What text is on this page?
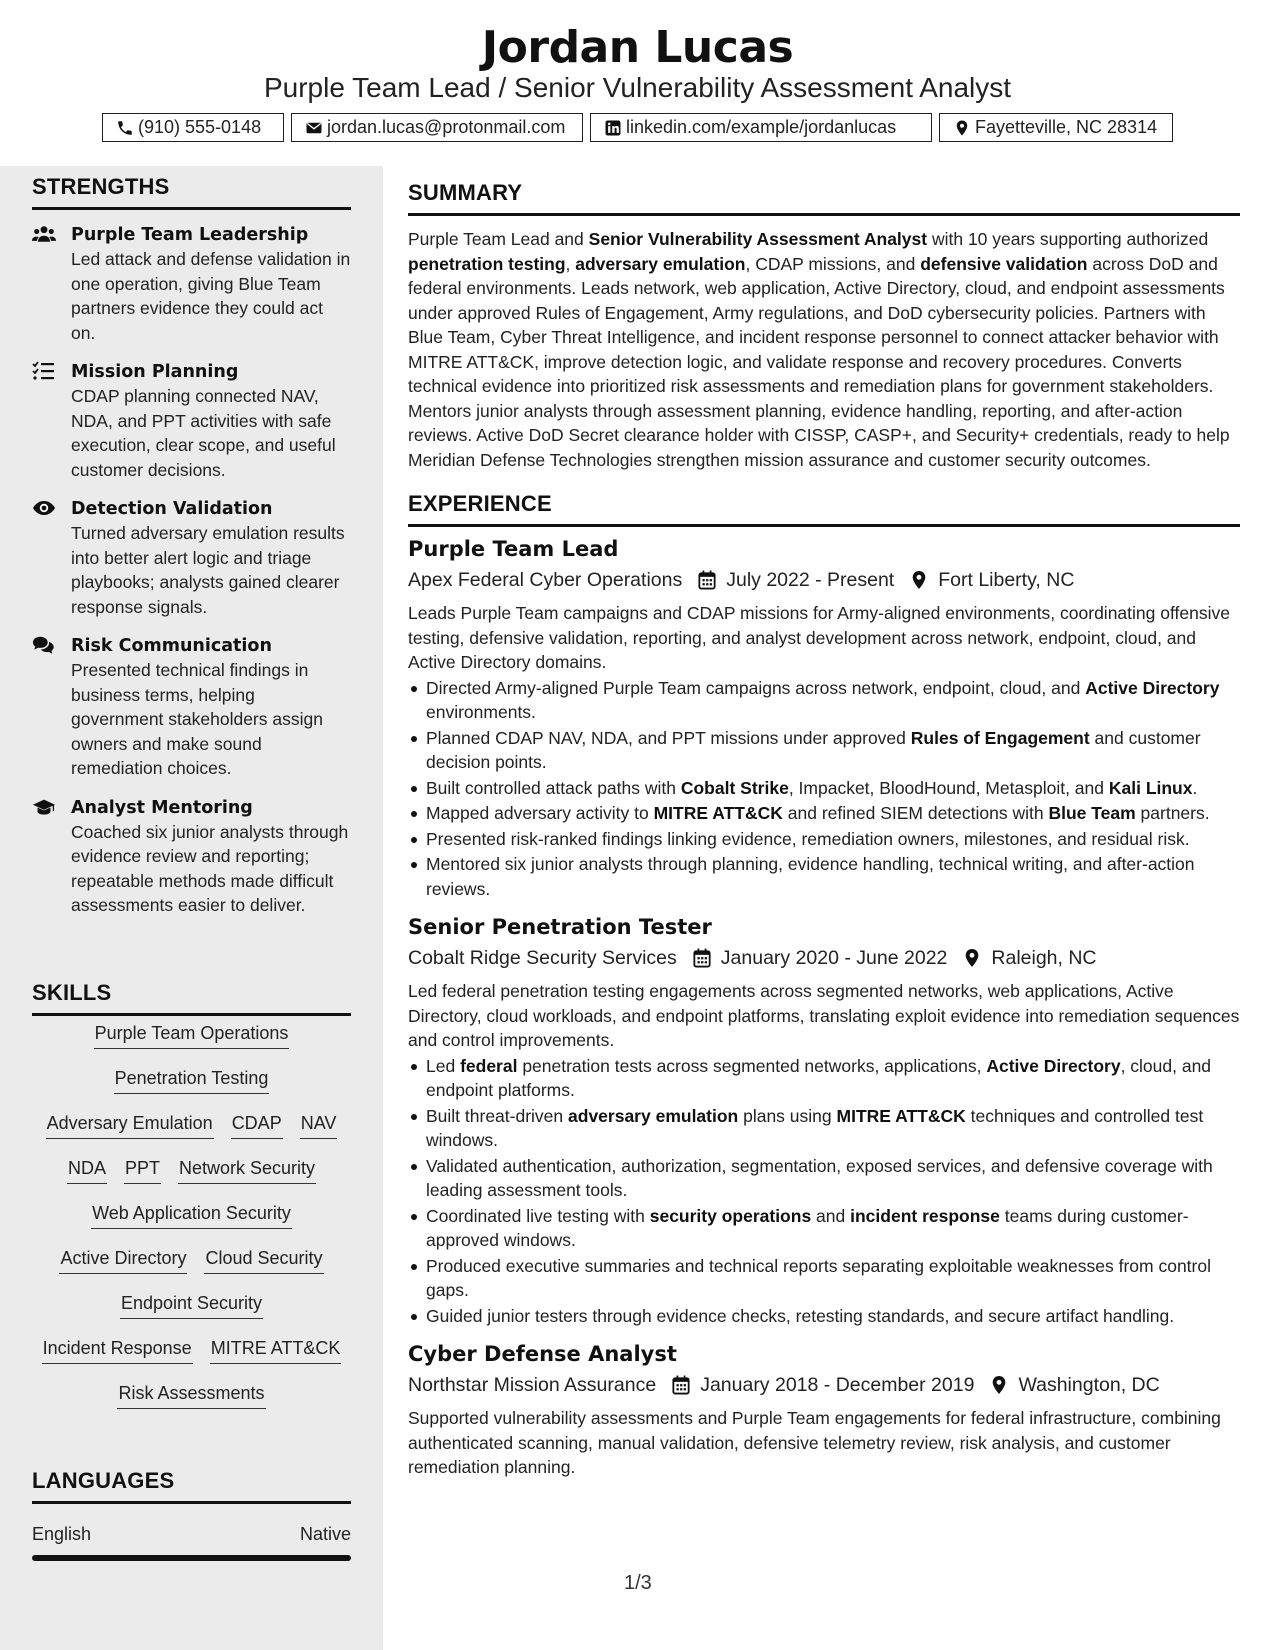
Jordan Lucas
Purple Team Lead / Senior Vulnerability Assessment Analyst
(910) 555-0148	jordan.lucas@protonmail.com	linkedin.com/example/jordanlucas	Fayetteville, NC 28314
STRENGTHS
Purple Team Leadership
Led attack and defense validation in one operation, giving Blue Team partners evidence they could act on.
Mission Planning
CDAP planning connected NAV, NDA, and PPT activities with safe execution, clear scope, and useful customer decisions.
Detection Validation
Turned adversary emulation results into better alert logic and triage playbooks; analysts gained clearer response signals.
Risk Communication
Presented technical findings in business terms, helping government stakeholders assign owners and make sound remediation choices.
Analyst Mentoring
Coached six junior analysts through evidence review and reporting; repeatable methods made difficult assessments easier to deliver.
SKILLS
Purple Team Operations
Penetration Testing
Adversary Emulation CDAP NAV
NDA PPT Network Security
Web Application Security
Active Directory Cloud Security
Endpoint Security
Incident Response MITRE ATT&CK
Risk Assessments
LANGUAGES
English	Native
SUMMARY
Purple Team Lead and Senior Vulnerability Assessment Analyst with 10 years supporting authorized penetration testing, adversary emulation, CDAP missions, and defensive validation across DoD and federal environments. Leads network, web application, Active Directory, cloud, and endpoint assessments under approved Rules of Engagement, Army regulations, and DoD cybersecurity policies. Partners with Blue Team, Cyber Threat Intelligence, and incident response personnel to connect attacker behavior with MITRE ATT&CK, improve detection logic, and validate response and recovery procedures. Converts technical evidence into prioritized risk assessments and remediation plans for government stakeholders. Mentors junior analysts through assessment planning, evidence handling, reporting, and after-action reviews. Active DoD Secret clearance holder with CISSP, CASP+, and Security+ credentials, ready to help Meridian Defense Technologies strengthen mission assurance and customer security outcomes.
EXPERIENCE
Purple Team Lead
Apex Federal Cyber Operations July 2022 - Present Fort Liberty, NC
Leads Purple Team campaigns and CDAP missions for Army-aligned environments, coordinating offensive testing, defensive validation, reporting, and analyst development across network, endpoint, cloud, and Active Directory domains.
Directed Army-aligned Purple Team campaigns across network, endpoint, cloud, and Active Directory environments.
Planned CDAP NAV, NDA, and PPT missions under approved Rules of Engagement and customer decision points.
Built controlled attack paths with Cobalt Strike, Impacket, BloodHound, Metasploit, and Kali Linux.
Mapped adversary activity to MITRE ATT&CK and refined SIEM detections with Blue Team partners.
Presented risk-ranked findings linking evidence, remediation owners, milestones, and residual risk.
Mentored six junior analysts through planning, evidence handling, technical writing, and after-action reviews.
Senior Penetration Tester
Cobalt Ridge Security Services January 2020 - June 2022 Raleigh, NC
Led federal penetration testing engagements across segmented networks, web applications, Active Directory, cloud workloads, and endpoint platforms, translating exploit evidence into remediation sequences and control improvements.
Led federal penetration tests across segmented networks, applications, Active Directory, cloud, and endpoint platforms.
Built threat-driven adversary emulation plans using MITRE ATT&CK techniques and controlled test windows.
Validated authentication, authorization, segmentation, exposed services, and defensive coverage with leading assessment tools.
Coordinated live testing with security operations and incident response teams during customer-approved windows.
Produced executive summaries and technical reports separating exploitable weaknesses from control gaps.
Guided junior testers through evidence checks, retesting standards, and secure artifact handling.
Cyber Defense Analyst
Northstar Mission Assurance January 2018 - December 2019 Washington, DC
Supported vulnerability assessments and Purple Team engagements for federal infrastructure, combining authenticated scanning, manual validation, defensive telemetry review, risk analysis, and customer remediation planning.
1/3
